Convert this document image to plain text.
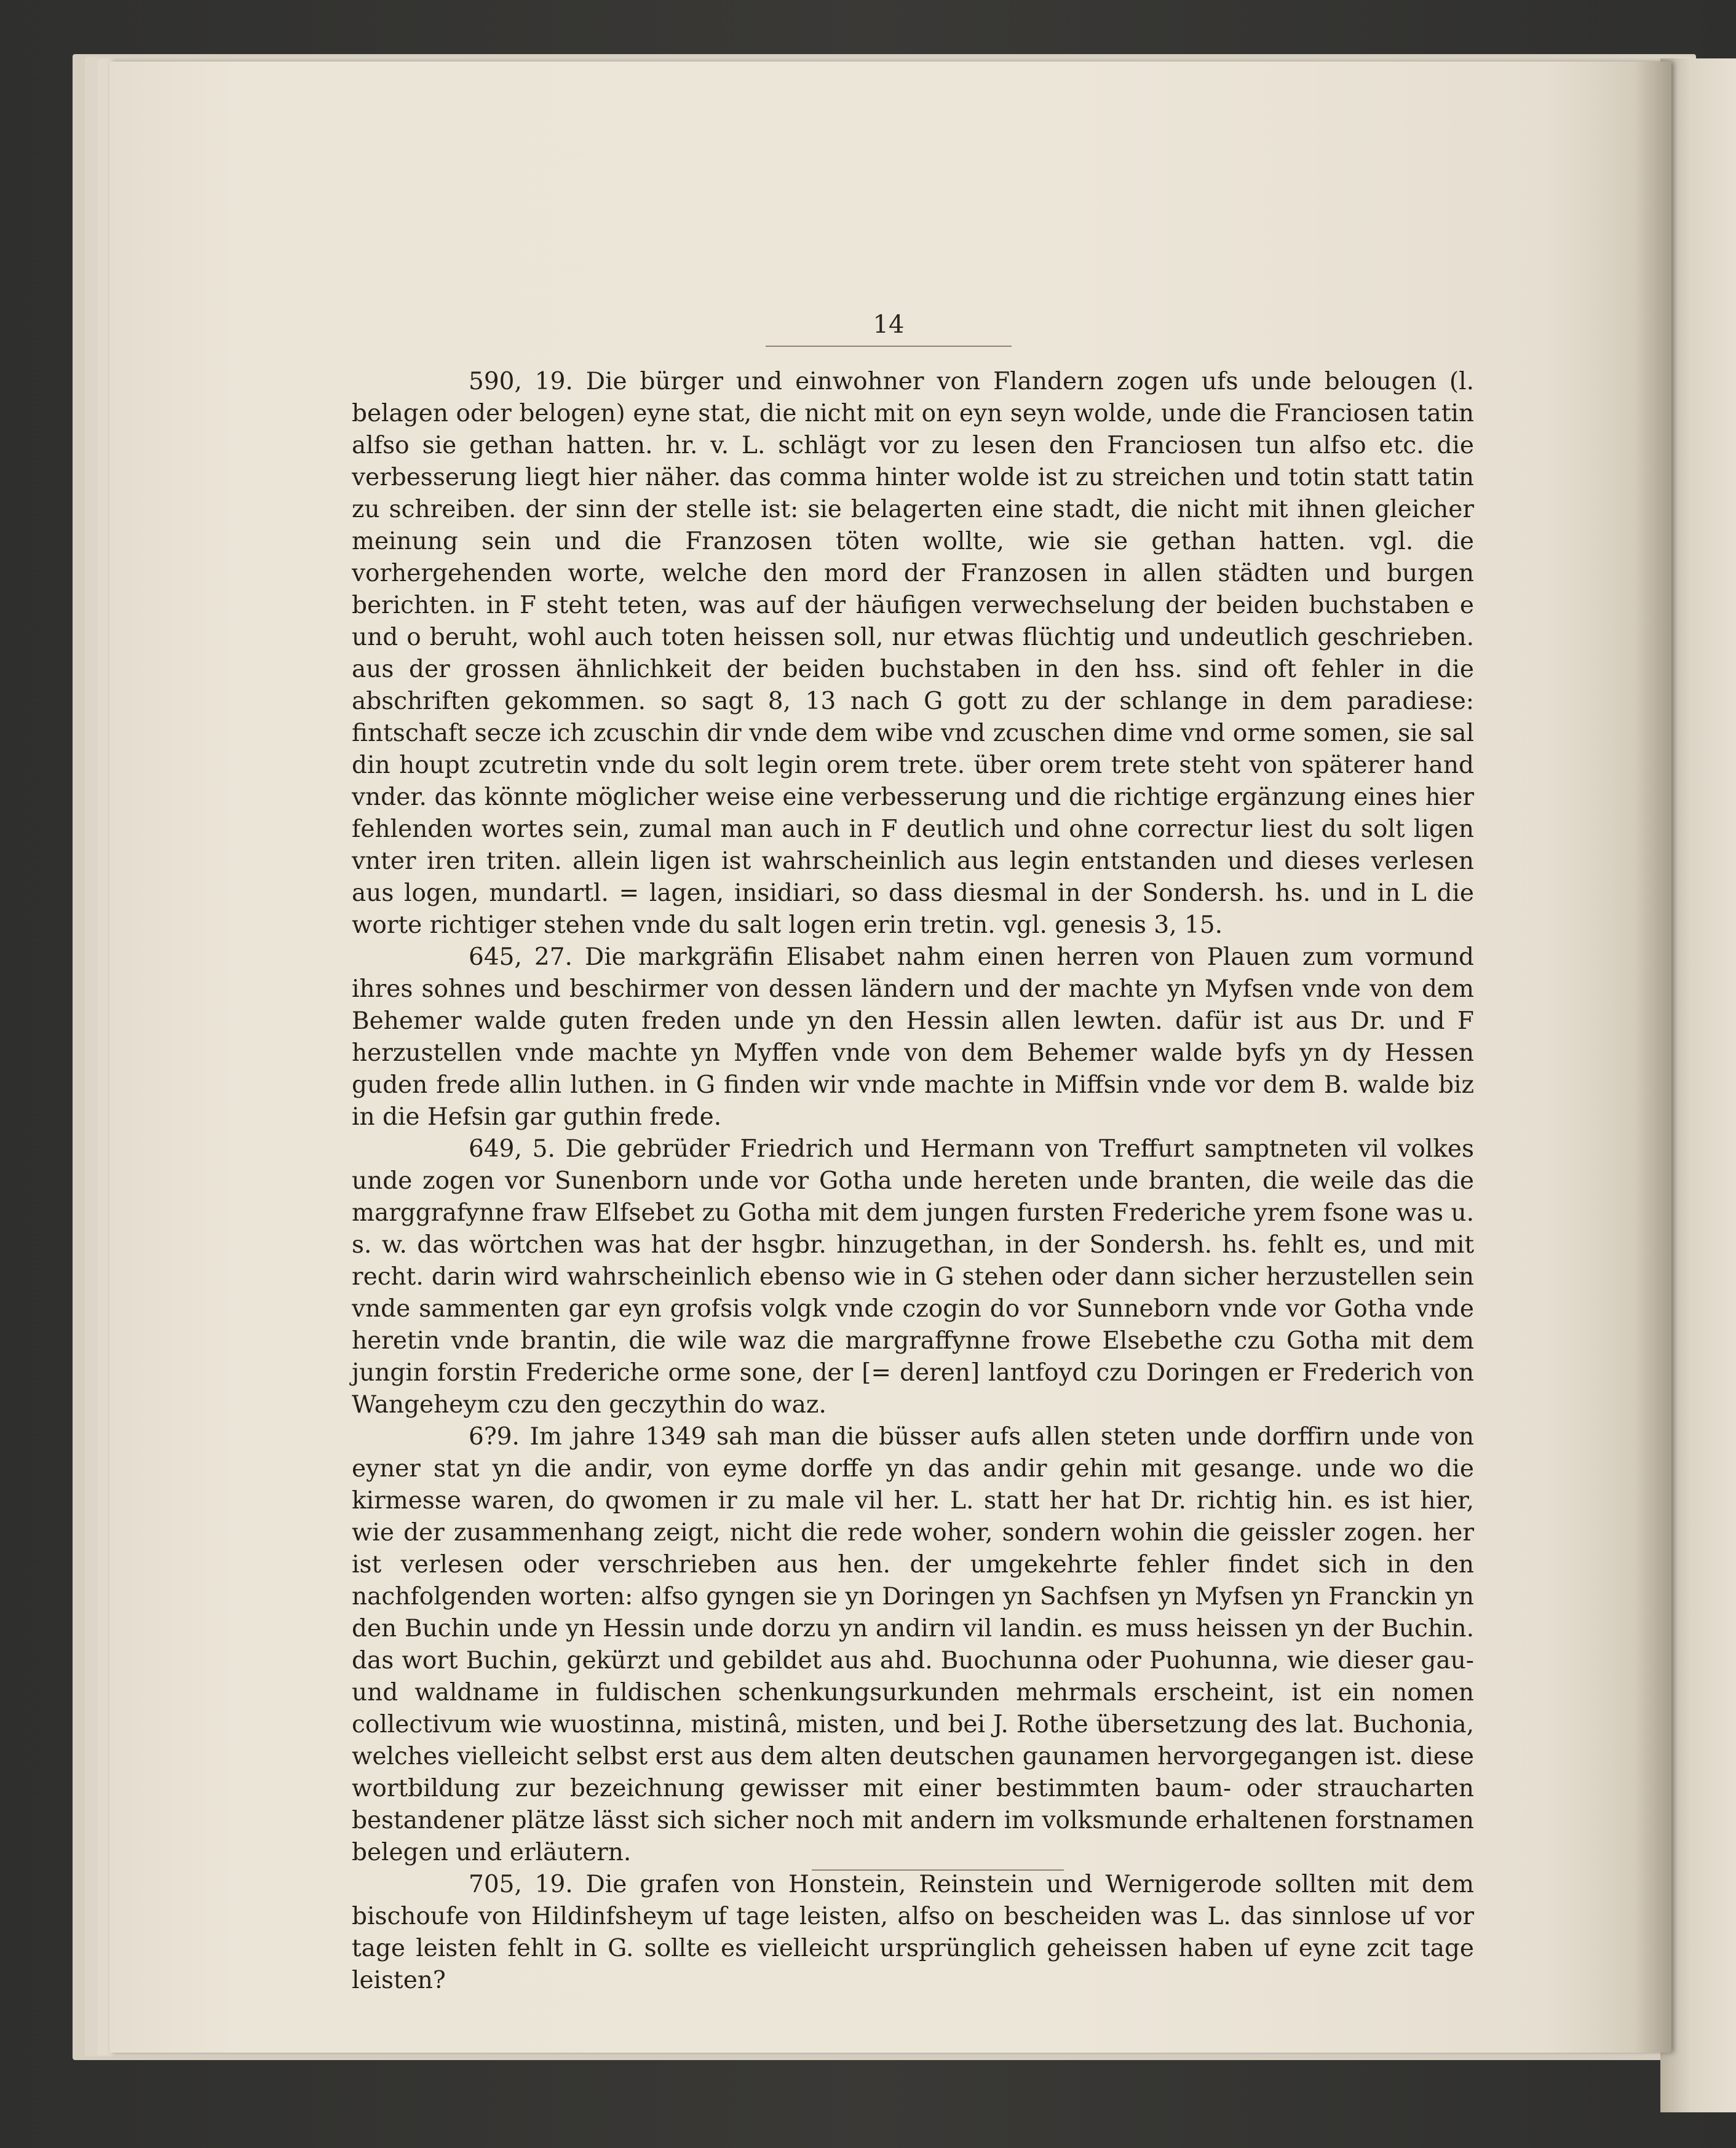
14

590, 19. Die bürger und einwohner von Flandern zogen ufs unde belougen (l. belagen oder belogen) eyne stat, die nicht mit on eyn seyn wolde, unde die Franciosen tatin alfso sie gethan hatten. hr. v. L. schlägt vor zu lesen den Franciosen tun alfso etc. die verbesserung liegt hier näher. das comma hinter wolde ist zu streichen und totin statt tatin zu schreiben. der sinn der stelle ist: sie belagerten eine stadt, die nicht mit ihnen gleicher meinung sein und die Franzosen töten wollte, wie sie gethan hatten. vgl. die vorhergehenden worte, welche den mord der Franzosen in allen städten und burgen berichten. in F steht teten, was auf der häufigen verwechselung der beiden buchstaben e und o beruht, wohl auch toten heissen soll, nur etwas flüchtig und undeutlich geschrieben. aus der grossen ähnlichkeit der beiden buchstaben in den hss. sind oft fehler in die abschriften gekommen. so sagt 8, 13 nach G gott zu der schlange in dem paradiese: fintschaft secze ich zcuschin dir vnde dem wibe vnd zcuschen dime vnd orme somen, sie sal din houpt zcutretin vnde du solt legin orem trete. über orem trete steht von späterer hand vnder. das könnte möglicher weise eine verbesserung und die richtige ergänzung eines hier fehlenden wortes sein, zumal man auch in F deutlich und ohne correctur liest du solt ligen vnter iren triten. allein ligen ist wahrscheinlich aus legin entstanden und dieses verlesen aus logen, mundartl. = lagen, insidiari, so dass diesmal in der Sondersh. hs. und in L die worte richtiger stehen vnde du salt logen erin tretin. vgl. genesis 3, 15.

645, 27. Die markgräfin Elisabet nahm einen herren von Plauen zum vormund ihres sohnes und beschirmer von dessen ländern und der machte yn Myfsen vnde von dem Behemer walde guten freden unde yn den Hessin allen lewten. dafür ist aus Dr. und F herzustellen vnde machte yn Myffen vnde von dem Behemer walde byfs yn dy Hessen guden frede allin luthen. in G finden wir vnde machte in Miffsin vnde vor dem B. walde biz in die Hefsin gar guthin frede.

649, 5. Die gebrüder Friedrich und Hermann von Treffurt samptneten vil volkes unde zogen vor Sunenborn unde vor Gotha unde hereten unde branten, die weile das die marggrafynne fraw Elfsebet zu Gotha mit dem jungen fursten Frederiche yrem fsone was u. s. w. das wörtchen was hat der hsgbr. hinzugethan, in der Sondersh. hs. fehlt es, und mit recht. darin wird wahrscheinlich ebenso wie in G stehen oder dann sicher herzustellen sein vnde sammenten gar eyn grofsis volgk vnde czogin do vor Sunneborn vnde vor Gotha vnde heretin vnde brantin, die wile waz die margraffynne frowe Elsebethe czu Gotha mit dem jungin forstin Frederiche orme sone, der [= deren] lantfoyd czu Doringen er Frederich von Wangeheym czu den geczythin do waz.

6?9. Im jahre 1349 sah man die büsser aufs allen steten unde dorffirn unde von eyner stat yn die andir, von eyme dorffe yn das andir gehin mit gesange. unde wo die kirmesse waren, do qwomen ir zu male vil her. L. statt her hat Dr. richtig hin. es ist hier, wie der zusammenhang zeigt, nicht die rede woher, sondern wohin die geissler zogen. her ist verlesen oder verschrieben aus hen. der umgekehrte fehler findet sich in den nachfolgenden worten: alfso gyngen sie yn Doringen yn Sachfsen yn Myfsen yn Franckin yn den Buchin unde yn Hessin unde dorzu yn andirn vil landin. es muss heissen yn der Buchin. das wort Buchin, gekürzt und gebildet aus ahd. Buochunna oder Puohunna, wie dieser gau- und waldname in fuldischen schenkungsurkunden mehrmals erscheint, ist ein nomen collectivum wie wuostinna, mistinâ, misten, und bei J. Rothe übersetzung des lat. Buchonia, welches vielleicht selbst erst aus dem alten deutschen gaunamen hervorgegangen ist. diese wortbildung zur bezeichnung gewisser mit einer bestimmten baum- oder straucharten bestandener plätze lässt sich sicher noch mit andern im volksmunde erhaltenen forstnamen belegen und erläutern.

705, 19. Die grafen von Honstein, Reinstein und Wernigerode sollten mit dem bischoufe von Hildinfsheym uf tage leisten, alfso on bescheiden was L. das sinnlose uf vor tage leisten fehlt in G. sollte es vielleicht ursprünglich geheissen haben uf eyne zcit tage leisten?
